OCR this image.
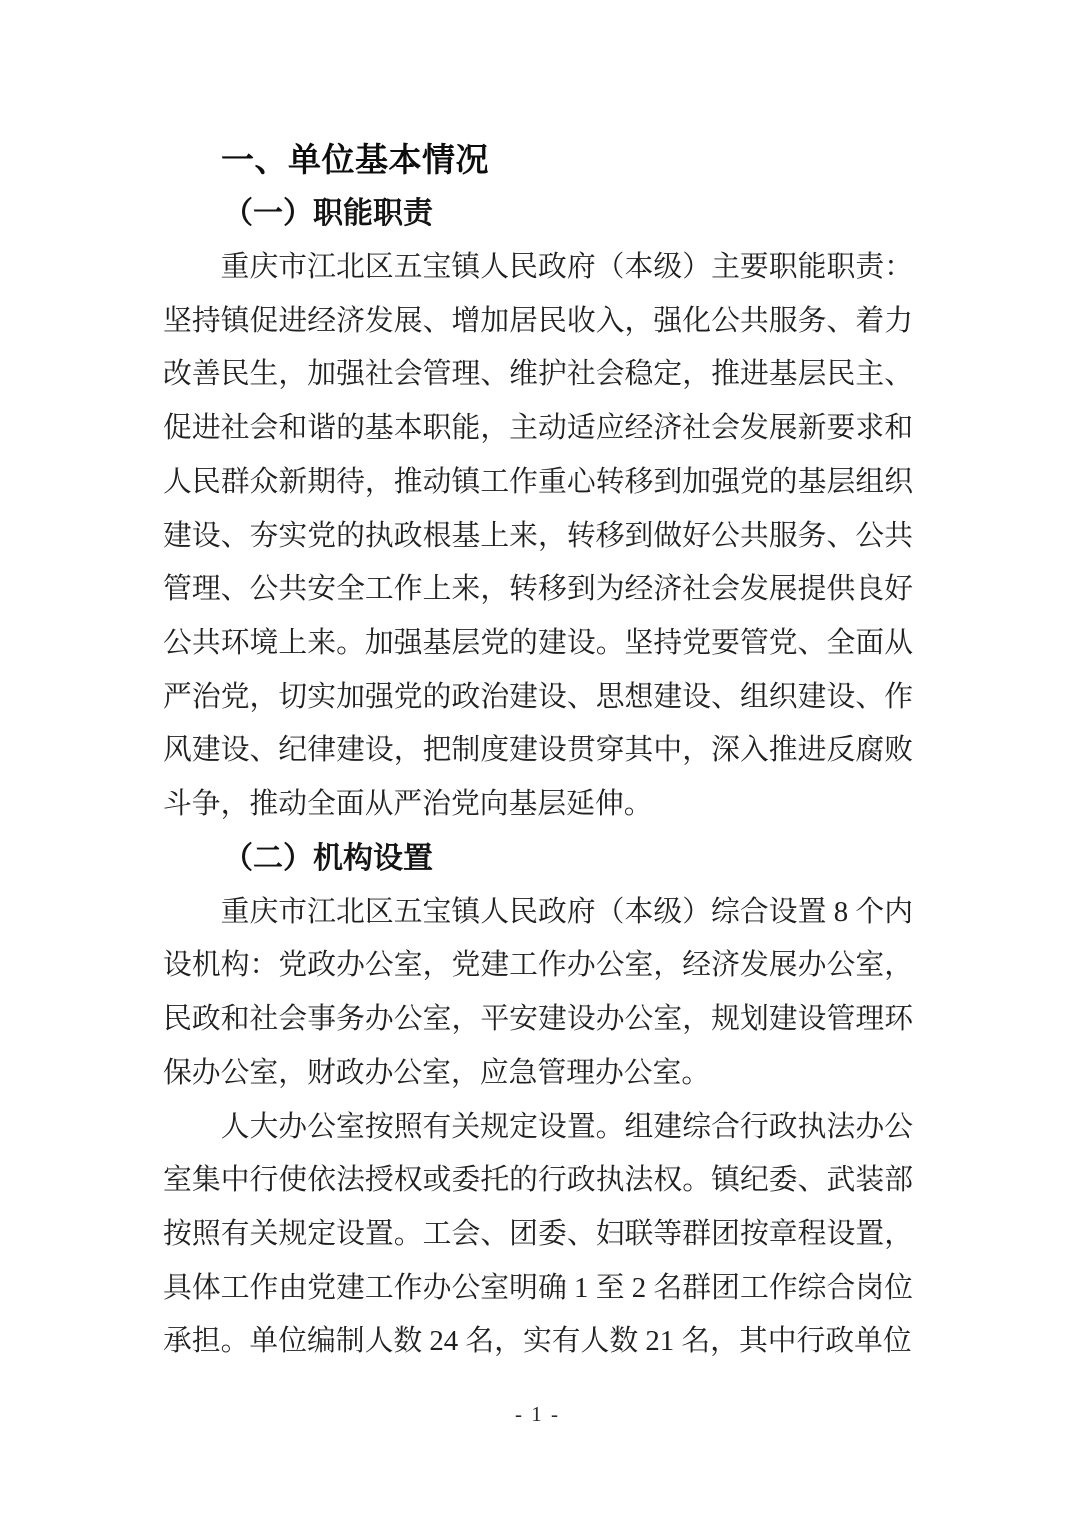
一、单位基本情况
（一）职能职责

重庆市江北区五宝镇人民政府（本级）主要职能职责：坚持镇促进经济发展、增加居民收入，强化公共服务、着力改善民生，加强社会管理、维护社会稳定，推进基层民主、促进社会和谐的基本职能，主动适应经济社会发展新要求和人民群众新期待，推动镇工作重心转移到加强党的基层组织建设、夯实党的执政根基上来，转移到做好公共服务、公共管理、公共安全工作上来，转移到为经济社会发展提供良好公共环境上来。加强基层党的建设。坚持党要管党、全面从严治党，切实加强党的政治建设、思想建设、组织建设、作风建设、纪律建设，把制度建设贯穿其中，深入推进反腐败斗争，推动全面从严治党向基层延伸。

（二）机构设置

重庆市江北区五宝镇人民政府（本级）综合设置 8 个内设机构：党政办公室，党建工作办公室，经济发展办公室，民政和社会事务办公室，平安建设办公室，规划建设管理环保办公室，财政办公室，应急管理办公室。

人大办公室按照有关规定设置。组建综合行政执法办公室集中行使依法授权或委托的行政执法权。镇纪委、武装部按照有关规定设置。工会、团委、妇联等群团按章程设置，具体工作由党建工作办公室明确 1 至 2 名群团工作综合岗位承担。单位编制人数 24 名，实有人数 21 名，其中行政单位

- 1 -
